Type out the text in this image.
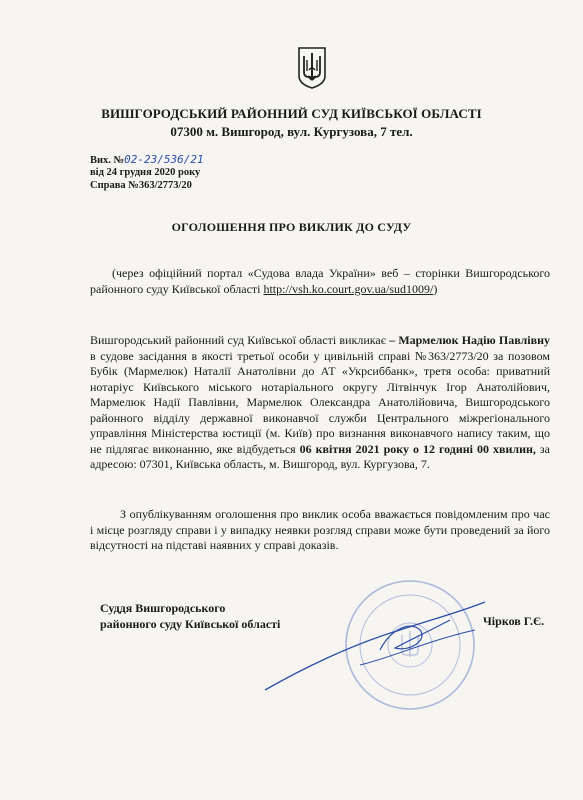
ВИШГОРОДСЬКИЙ РАЙОННИЙ СУД КИЇВСЬКОЇ ОБЛАСТІ
07300 м. Вишгород, вул. Кургузова, 7 тел.
Вих. №02-23/536/21
від 24 грудня 2020 року
Справа №363/2773/20
ОГОЛОШЕННЯ ПРО ВИКЛИК ДО СУДУ
(через офіційний портал «Судова влада України» веб – сторінки Вишгородського районного суду Київської області http://vsh.ko.court.gov.ua/sud1009/)
Вишгородський районний суд Київської області викликає – Мармелюк Надію Павлівну в судове засідання в якості третьої особи у цивільній справі №363/2773/20 за позовом Бубік (Мармелюк) Наталії Анатолівни до АТ «Укрсиббанк», третя особа: приватний нотаріус Київського міського нотаріального округу Літвінчук Ігор Анатолійович, Мармелюк Надії Павлівни, Мармелюк Олександра Анатолійовича, Вишгородського районного відділу державної виконавчої служби Центрального міжрегіонального управління Міністерства юстиції (м. Київ) про визнання виконавчого напису таким, що не підлягає виконанню, яке відбудеться 06 квітня 2021 року о 12 годині 00 хвилин, за адресою: 07301, Київська область, м. Вишгород, вул. Кургузова, 7.
З опублікуванням оголошення про виклик особа вважається повідомленим про час і місце розгляду справи і у випадку неявки розгляд справи може бути проведений за його відсутності на підставі наявних у справі доказів.
Суддя Вишгородського
районного суду Київської області	Чірков Г.Є.
